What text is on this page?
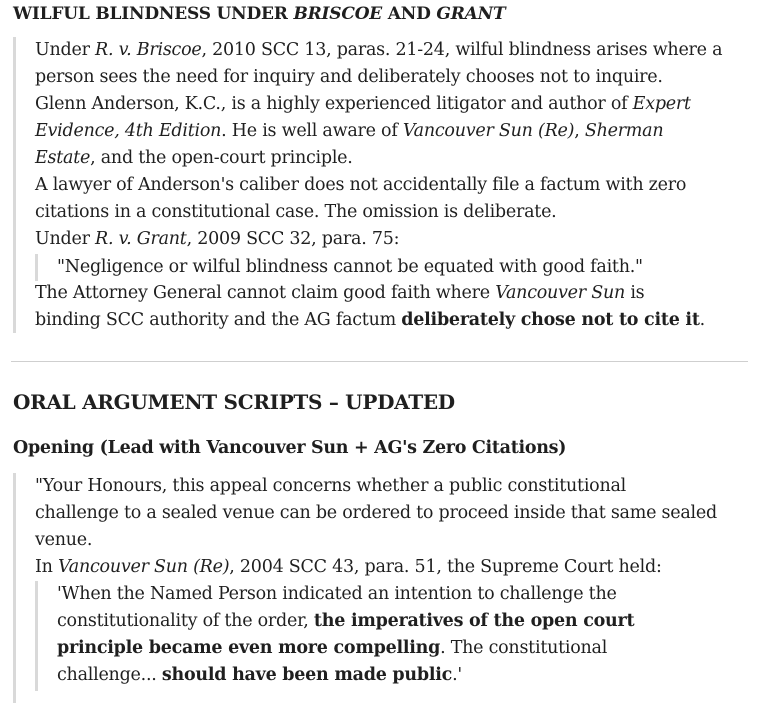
WILFUL BLINDNESS UNDER BRISCOE AND GRANT
Under R. v. Briscoe, 2010 SCC 13, paras. 21-24, wilful blindness arises where a
person sees the need for inquiry and deliberately chooses not to inquire.
Glenn Anderson, K.C., is a highly experienced litigator and author of Expert
Evidence, 4th Edition. He is well aware of Vancouver Sun (Re), Sherman
Estate, and the open-court principle.
A lawyer of Anderson's caliber does not accidentally file a factum with zero
citations in a constitutional case. The omission is deliberate.
Under R. v. Grant, 2009 SCC 32, para. 75:
"Negligence or wilful blindness cannot be equated with good faith."
The Attorney General cannot claim good faith where Vancouver Sun is
binding SCC authority and the AG factum deliberately chose not to cite it.
ORAL ARGUMENT SCRIPTS – UPDATED
Opening (Lead with Vancouver Sun + AG's Zero Citations)
"Your Honours, this appeal concerns whether a public constitutional
challenge to a sealed venue can be ordered to proceed inside that same sealed
venue.
In Vancouver Sun (Re), 2004 SCC 43, para. 51, the Supreme Court held:
'When the Named Person indicated an intention to challenge the
constitutionality of the order, the imperatives of the open court
principle became even more compelling. The constitutional
challenge... should have been made public.'
